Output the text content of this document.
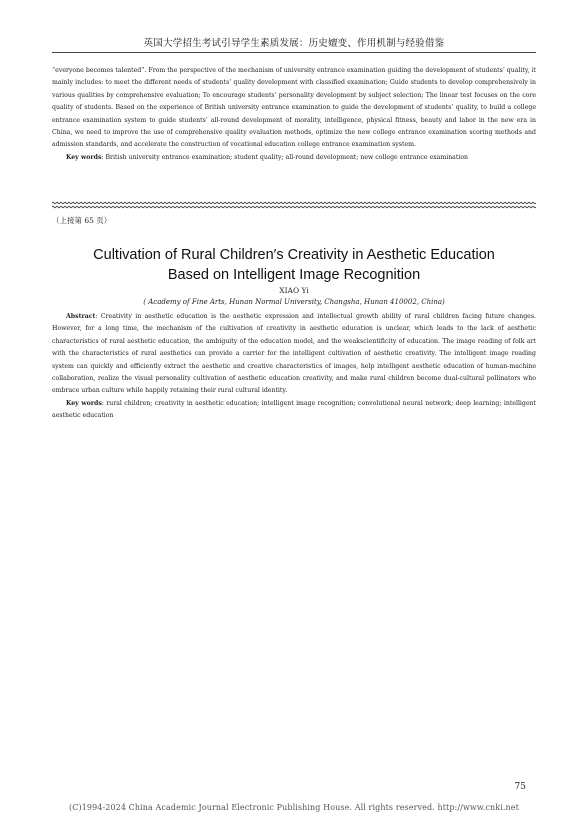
英国大学招生考试引导学生素质发展：历史嬗变、作用机制与经验借鉴

“everyone becomes talented”. From the perspective of the mechanism of university entrance examination guiding the development of students’ quality, it mainly includes: to meet the different needs of students’ quality development with classified examination; Guide students to develop comprehensively in various qualities by comprehensive evaluation; To encourage students’ personality development by subject selection; The linear test focuses on the core quality of students. Based on the experience of British university entrance examination to guide the development of students’ quality, to build a college entrance examination system to guide students’ all-round development of morality, intelligence, physical fitness, beauty and labor in the new era in China, we need to improve the use of comprehensive quality evaluation methods, optimize the new college entrance examination scoring methods and admission standards, and accelerate the construction of vocational education college entrance examination system.

Key words: British university entrance examination; student quality; all-round development; new college entrance examination

（上接第 65 页）
Cultivation of Rural Children′s Creativity in Aesthetic Education
Based on Intelligent Image Recognition
XIAO Yi
( Academy of Fine Arts, Hunan Normal University, Changsha, Hunan 410002, China)

Abstract: Creativity in aesthetic education is the aesthetic expression and intellectual growth ability of rural children facing future changes. However, for a long time, the mechanism of the cultivation of creativity in aesthetic education is unclear, which leads to the lack of aesthetic characteristics of rural aesthetic education, the ambiguity of the education model, and the weakscientificity of education. The image reading of folk art with the characteristics of rural aesthetics can provide a carrier for the intelligent cultivation of aesthetic creativity. The intelligent image reading system can quickly and efficiently extract the aesthetic and creative characteristics of images, help intelligent aesthetic education of human-machine collaboration, realize the visual personality cultivation of aesthetic education creativity, and make rural children become dual-cultural pollinators who embrace urban culture while happily retaining their rural cultural identity.

Key words: rural children; creativity in aesthetic education; intelligent image recognition; convolutional neural network; deep learning; intelligent aesthetic education

75
(C)1994-2024 China Academic Journal Electronic Publishing House. All rights reserved. http://www.cnki.net
